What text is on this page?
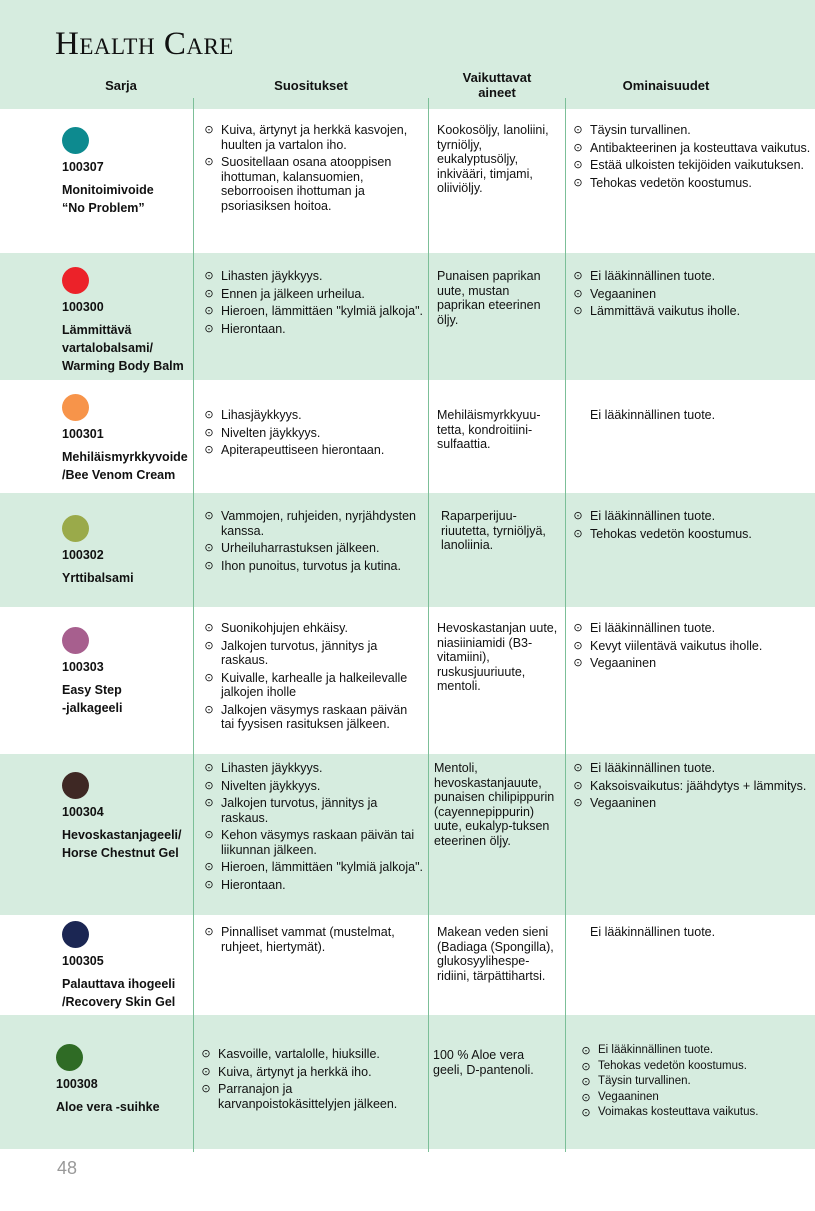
Health Care
Sarja	Suositukset
Vaikuttavat
aineet	Ominaisuudet
100307
Monitoimivoide
“No Problem”
⊙ Kuiva, ärtynyt ja herkkä kasvojen, huulten ja vartalon iho.
⊙ Suositellaan osana atooppisen ihottuman, kalansuomien, seborrooisen ihottuman ja psoriasiksen hoitoa.
Kookosöljy, lanoliini, tyrniöljy, eukalyptusöljy, inkivääri, timjami, oliiviöljy.
⊙ Täysin turvallinen.
⊙ Antibakteerinen ja kosteuttava vaikutus.
⊙ Estää ulkoisten tekijöiden vaikutuksen.
⊙ Tehokas vedetön koostumus.
100300
Lämmittävä
vartalobalsami/
Warming Body Balm
⊙ Lihasten jäykkyys.
⊙ Ennen ja jälkeen urheilua.
⊙ Hieroen, lämmittäen "kylmiä jalkoja".
⊙ Hierontaan.
Punaisen paprikan uute, mustan paprikan eteerinen öljy.
⊙ Ei lääkinnällinen tuote.
⊙ Vegaaninen
⊙ Lämmittävä vaikutus iholle.
100301
Mehiläismyrkkyvoide
/Bee Venom Cream
⊙ Lihasjäykkyys.
⊙ Nivelten jäykkyys.
⊙ Apiterapeuttiseen hierontaan.
Mehiläismyrkkyuu-tetta, kondroitiini-sulfaattia.
Ei lääkinnällinen tuote.
100302
Yrttibalsami
⊙ Vammojen, ruhjeiden, nyrjähdysten kanssa.
⊙ Urheiluharrastuksen jälkeen.
⊙ Ihon punoitus, turvotus ja kutina.
Raparperijuu-riuutetta, tyrniöljyä, lanoliinia.
⊙ Ei lääkinnällinen tuote.
⊙ Tehokas vedetön koostumus.
100303
Easy Step
-jalkageeli
⊙ Suonikohjujen ehkäisy.
⊙ Jalkojen turvotus, jännitys ja raskaus.
⊙ Kuivalle, karhealle ja halkeilevalle jalkojen iholle
⊙ Jalkojen väsymys raskaan päivän tai fyysisen rasituksen jälkeen.
Hevoskastanjan uute, niasiiniamidi (B3-vitamiini), ruskusjuuriuute, mentoli.
⊙ Ei lääkinnällinen tuote.
⊙ Kevyt viilentävä vaikutus iholle.
⊙ Vegaaninen
100304
Hevoskastanjageeli/
Horse Chestnut Gel
⊙ Lihasten jäykkyys.
⊙ Nivelten jäykkyys.
⊙ Jalkojen turvotus, jännitys ja raskaus.
⊙ Kehon väsymys raskaan päivän tai liikunnan jälkeen.
⊙ Hieroen, lämmittäen "kylmiä jalkoja".
⊙ Hierontaan.
Mentoli, hevoskastanjauute, punaisen chilipippurin (cayennepippurin) uute, eukalyp-tuksen eteerinen öljy.
⊙ Ei lääkinnällinen tuote.
⊙ Kaksoisvaikutus: jäähdytys + lämmitys.
⊙ Vegaaninen
100305
Palauttava ihogeeli
/Recovery Skin Gel
⊙ Pinnalliset vammat (mustelmat, ruhjeet, hiertymät).
Makean veden sieni (Badiaga (Spongilla), glukosyylihespe-ridiini, tärpättihartsi.
Ei lääkinnällinen tuote.
100308
Aloe vera -suihke
⊙ Kasvoille, vartalolle, hiuksille.
⊙ Kuiva, ärtynyt ja herkkä iho.
⊙ Parranajon ja karvanpoistokäsittelyjen jälkeen.
100 % Aloe vera geeli, D-pantenoli.
⊙ Ei lääkinnällinen tuote.
⊙ Tehokas vedetön koostumus.
⊙ Täysin turvallinen.
⊙ Vegaaninen
⊙ Voimakas kosteuttava vaikutus.
48
